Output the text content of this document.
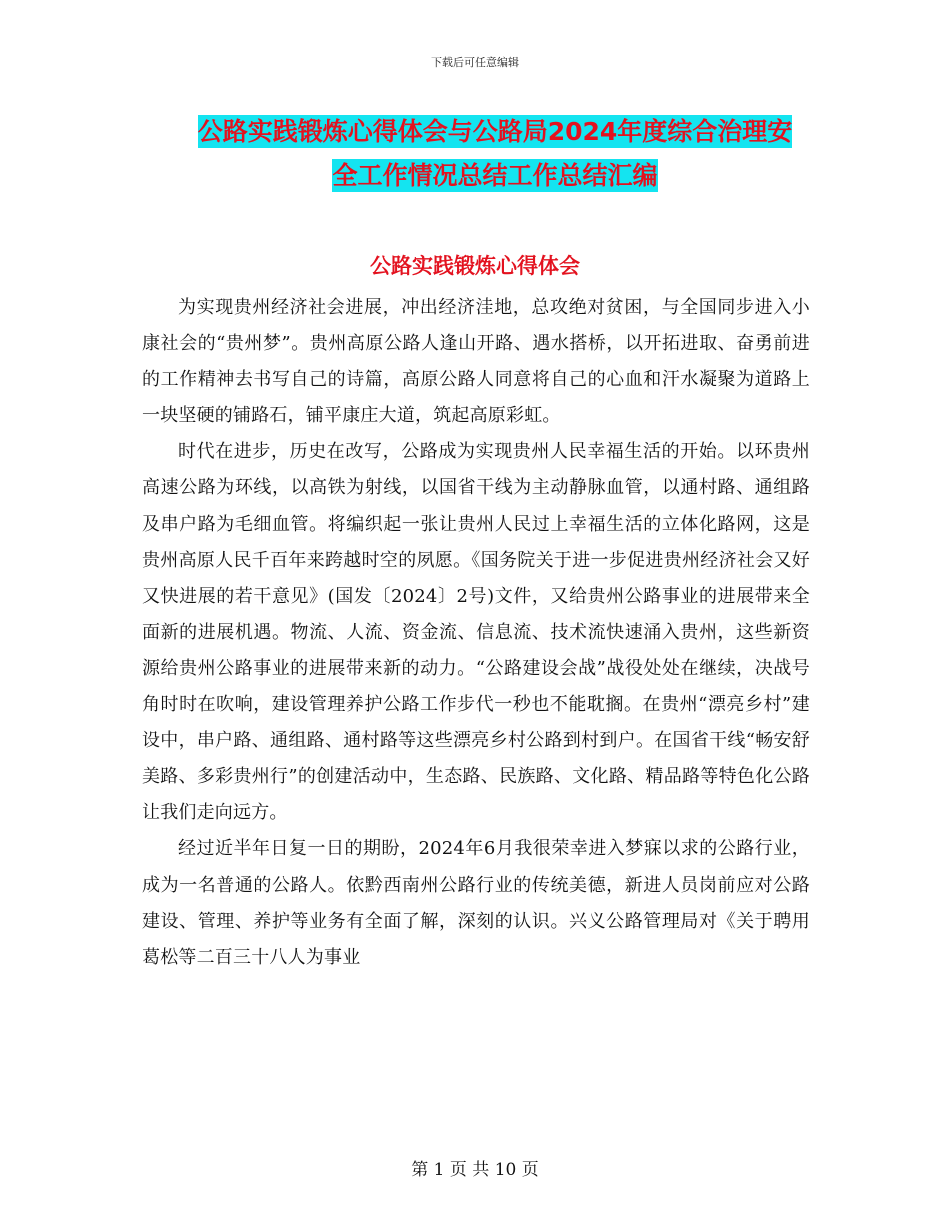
下载后可任意编辑
公路实践锻炼心得体会与公路局2024年度综合治理安
全工作情况总结工作总结汇编
公路实践锻炼心得体会

为实现贵州经济社会进展，冲出经济洼地，总攻绝对贫困，与全国同步进入小康社会的“贵州梦”。贵州高原公路人逢山开路、遇水搭桥，以开拓进取、奋勇前进的工作精神去书写自己的诗篇，高原公路人同意将自己的心血和汗水凝聚为道路上一块坚硬的铺路石，铺平康庄大道，筑起高原彩虹。

时代在进步，历史在改写，公路成为实现贵州人民幸福生活的开始。以环贵州高速公路为环线，以高铁为射线，以国省干线为主动静脉血管，以通村路、通组路及串户路为毛细血管。将编织起一张让贵州人民过上幸福生活的立体化路网，这是贵州高原人民千百年来跨越时空的夙愿。《国务院关于进一步促进贵州经济社会又好又快进展的若干意见》(国发〔2024〕2号)文件，又给贵州公路事业的进展带来全面新的进展机遇。物流、人流、资金流、信息流、技术流快速涌入贵州，这些新资源给贵州公路事业的进展带来新的动力。“公路建设会战”战役处处在继续，决战号角时时在吹响，建设管理养护公路工作步代一秒也不能耽搁。在贵州“漂亮乡村”建设中，串户路、通组路、通村路等这些漂亮乡村公路到村到户。在国省干线“畅安舒美路、多彩贵州行”的创建活动中，生态路、民族路、文化路、精品路等特色化公路让我们走向远方。

经过近半年日复一日的期盼，2024年6月我很荣幸进入梦寐以求的公路行业，成为一名普通的公路人。依黔西南州公路行业的传统美德，新进人员岗前应对公路建设、管理、养护等业务有全面了解，深刻的认识。兴义公路管理局对《关于聘用葛松等二百三十八人为事业

第 1 页 共 10 页
